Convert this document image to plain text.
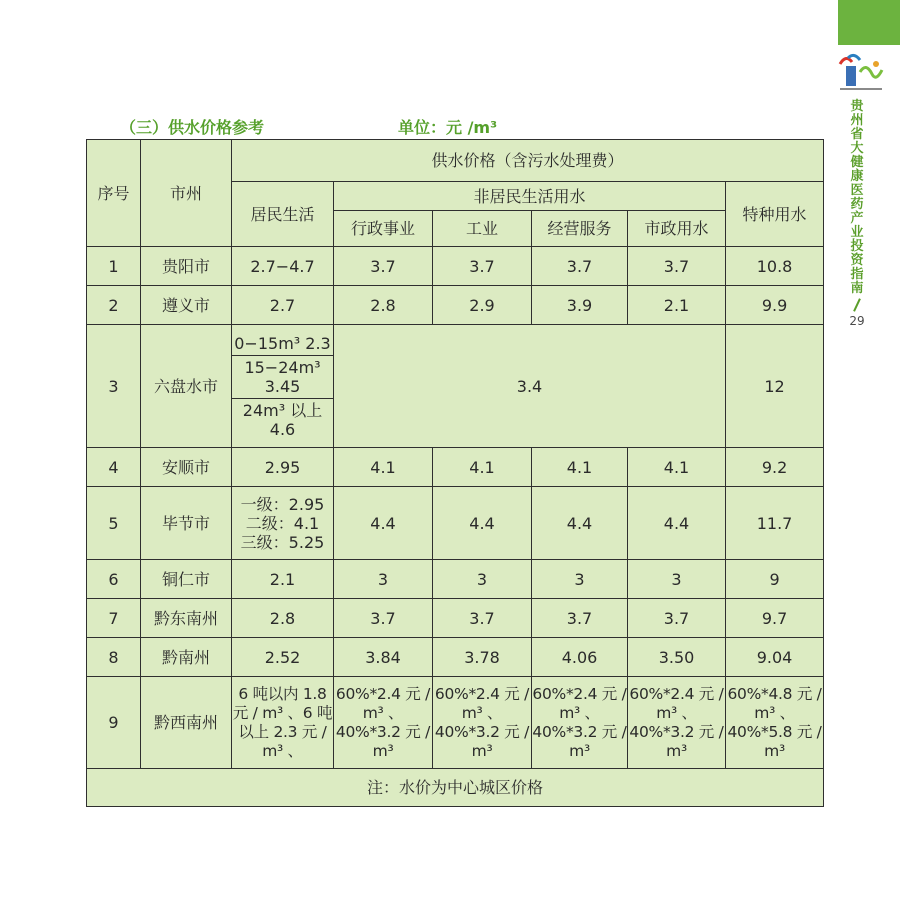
贵
州
省
大
健
康
医
药
产
业
投
资
指
南
29
（三）供水价格参考	单位：元 /m³
序号	市州	供水价格（含污水处理费）					
		居民生活	非居民生活用水				特种用水
			行政事业	工业	经营服务	市政用水	
1	贵阳市	2.7−4.7	3.7	3.7	3.7	3.7	10.8
2	遵义市	2.7	2.8	2.9	3.9	2.1	9.9
3	六盘水市	0−15m³ 2.3
15−24m³ 3.45
24m³ 以上 4.6	3.4				12
4	安顺市	2.95	4.1	4.1	4.1	4.1	9.2
5	毕节市	一级：2.95
二级：4.1
三级：5.25	4.4	4.4	4.4	4.4	11.7
6	铜仁市	2.1	3	3	3	3	9
7	黔东南州	2.8	3.7	3.7	3.7	3.7	9.7
8	黔南州	2.52	3.84	3.78	4.06	3.50	9.04
9	黔西南州	6 吨以内 1.8 元 / m³ 、6 吨以上 2.3 元 / m³ 、	60%*2.4 元 / m³ 、40%*3.2 元 / m³	60%*2.4 元 / m³ 、40%*3.2 元 / m³	60%*2.4 元 / m³ 、40%*3.2 元 / m³	60%*2.4 元 / m³ 、40%*3.2 元 / m³	60%*4.8 元 / m³ 、40%*5.8 元 / m³
注：水价为中心城区价格							
